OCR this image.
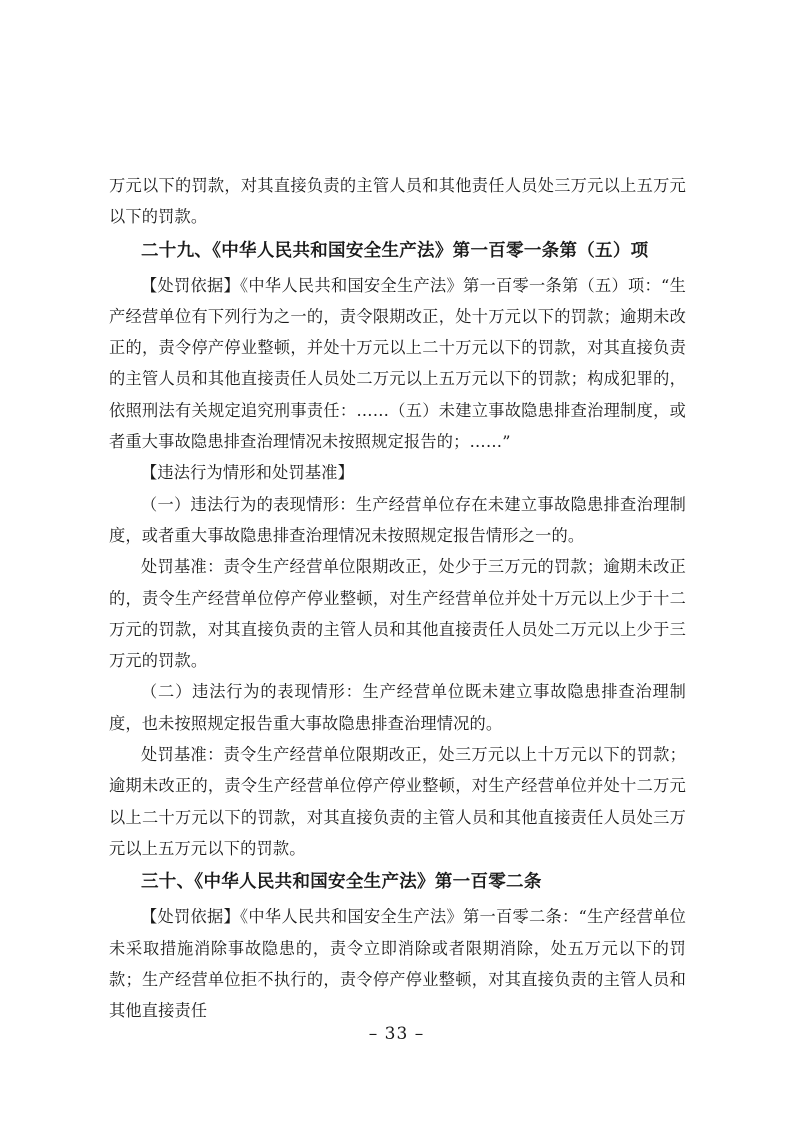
万元以下的罚款，对其直接负责的主管人员和其他责任人员处三万元以上五万元以下的罚款。

二十九、《中华人民共和国安全生产法》第一百零一条第（五）项

【处罚依据】《中华人民共和国安全生产法》第一百零一条第（五）项：“生产经营单位有下列行为之一的，责令限期改正，处十万元以下的罚款；逾期未改正的，责令停产停业整顿，并处十万元以上二十万元以下的罚款，对其直接负责的主管人员和其他直接责任人员处二万元以上五万元以下的罚款；构成犯罪的，依照刑法有关规定追究刑事责任：……（五）未建立事故隐患排查治理制度，或者重大事故隐患排查治理情况未按照规定报告的；……”

【违法行为情形和处罚基准】

（一）违法行为的表现情形：生产经营单位存在未建立事故隐患排查治理制度，或者重大事故隐患排查治理情况未按照规定报告情形之一的。

处罚基准：责令生产经营单位限期改正，处少于三万元的罚款；逾期未改正的，责令生产经营单位停产停业整顿，对生产经营单位并处十万元以上少于十二万元的罚款，对其直接负责的主管人员和其他直接责任人员处二万元以上少于三万元的罚款。

（二）违法行为的表现情形：生产经营单位既未建立事故隐患排查治理制度，也未按照规定报告重大事故隐患排查治理情况的。

处罚基准：责令生产经营单位限期改正，处三万元以上十万元以下的罚款；逾期未改正的，责令生产经营单位停产停业整顿，对生产经营单位并处十二万元以上二十万元以下的罚款，对其直接负责的主管人员和其他直接责任人员处三万元以上五万元以下的罚款。

三十、《中华人民共和国安全生产法》第一百零二条

【处罚依据】《中华人民共和国安全生产法》第一百零二条：“生产经营单位未采取措施消除事故隐患的，责令立即消除或者限期消除，处五万元以下的罚款；生产经营单位拒不执行的，责令停产停业整顿，对其直接负责的主管人员和其他直接责任

– 33 –
